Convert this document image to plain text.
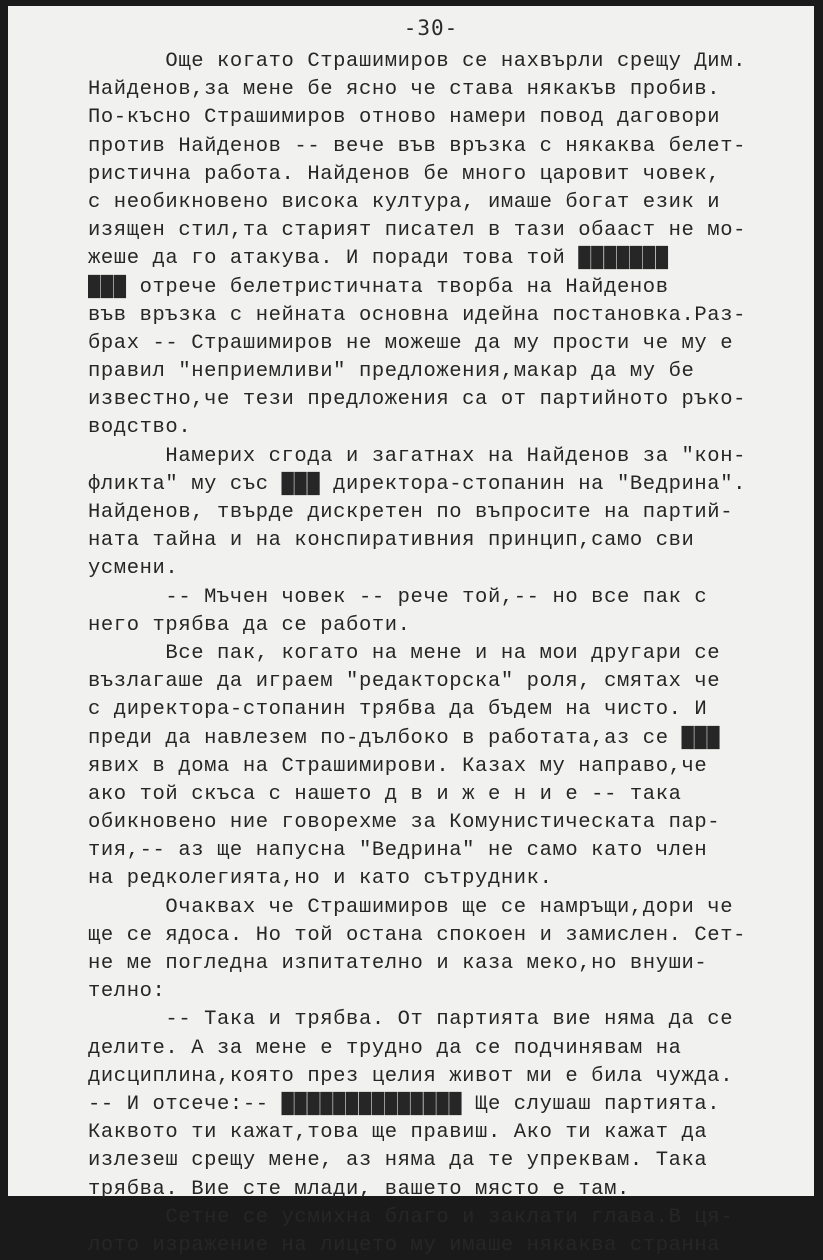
-30-
Още когато Страшимиров се нахвърли срещу Дим.
Найденов,за мене бе ясно че става някакъв пробив.
По-късно Страшимиров отново намери повод даговори
против Найденов -- вече във връзка с някаква белет-
ристична работа. Найденов бе много царовит човек,
с необикновено висока култура, имаше богат език и
изящен стил,та старият писател в тази обааст не мо-
жеше да го атакува. И поради това той ███████
███ отрече белетристичната творба на Найденов
във връзка с нейната основна идейна постановка.Раз-
брах -- Страшимиров не можеше да му прости че му е
правил "неприемливи" предложения,макар да му бе
известно,че тези предложения са от партийното ръко-
водство.
Намерих сгода и загатнах на Найденов за "кон-
фликта" му със ███ директора-стопанин на "Ведрина".
Найденов, твърде дискретен по въпросите на партий-
ната тайна и на конспиративния принцип,само сви
усмени.
-- Мъчен човек -- рече той,-- но все пак с
него трябва да се работи.
Все пак, когато на мене и на мои другари се
възлагаше да играем "редакторска" роля, смятах че
с директора-стопанин трябва да бъдем на чисто. И
преди да навлезем по-дълбоко в работата,аз се ███
явих в дома на Страшимирови. Казах му направо,че
ако той скъса с нашето д в и ж е н и е -- така
обикновено ние говорехме за Комунистическата пар-
тия,-- аз ще напусна "Ведрина" не само като член
на редколегията,но и като сътрудник.
Очаквах че Страшимиров ще се намръщи,дори че
ще се ядоса. Но той остана спокоен и замислен. Сет-
не ме погледна изпитателно и каза меко,но внуши-
телно:
-- Така и трябва. От партията вие няма да се
делите. А за мене е трудно да се подчинявам на
дисциплина,която през целия живот ми е била чужда.
-- И отсече:-- ██████████████ Ще слушаш партията.
Каквото ти кажат,това ще правиш. Ако ти кажат да
излезеш срещу мене, аз няма да те упреквам. Така
трябва. Вие сте млади, вашето място е там.
Сетне се усмихна благо и заклати глава.В ця-
лото изражение на лицето му имаше някаква странна
